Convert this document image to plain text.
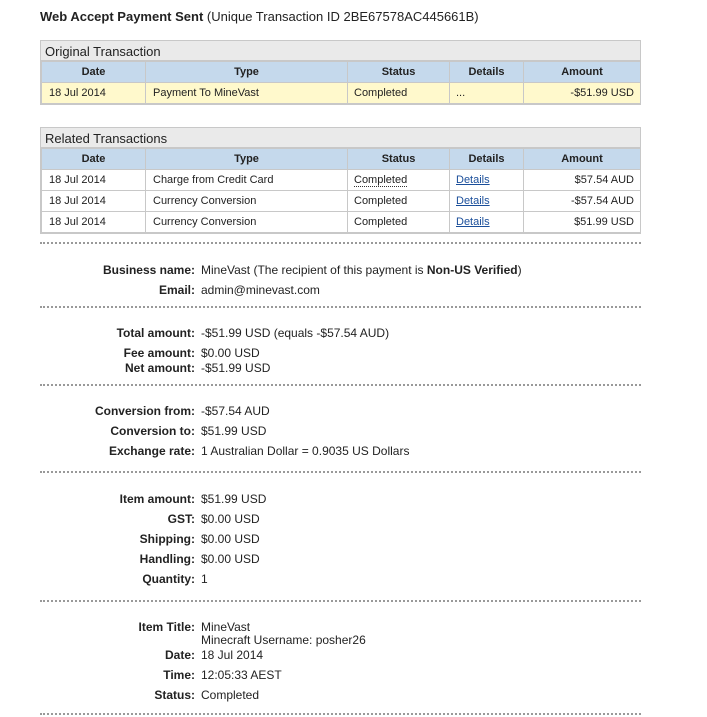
Web Accept Payment Sent (Unique Transaction ID 2BE67578AC445661B)
Original Transaction
Date	Type	Status	Details	Amount
18 Jul 2014	Payment To MineVast	Completed	...	-$51.99 USD
Related Transactions
Date	Type	Status	Details	Amount
18 Jul 2014	Charge from Credit Card	Completed	Details	$57.54 AUD
18 Jul 2014	Currency Conversion	Completed	Details	-$57.54 AUD
18 Jul 2014	Currency Conversion	Completed	Details	$51.99 USD
Business name: MineVast (The recipient of this payment is Non-US Verified)
Email: admin@minevast.com
Total amount: -$51.99 USD (equals -$57.54 AUD)
Fee amount: $0.00 USD
Net amount: -$51.99 USD
Conversion from: -$57.54 AUD
Conversion to: $51.99 USD
Exchange rate: 1 Australian Dollar = 0.9035 US Dollars
Item amount: $51.99 USD
GST: $0.00 USD
Shipping: $0.00 USD
Handling: $0.00 USD
Quantity: 1
Item Title: MineVast
Minecraft Username: posher26
Date: 18 Jul 2014
Time: 12:05:33 AEST
Status: Completed
